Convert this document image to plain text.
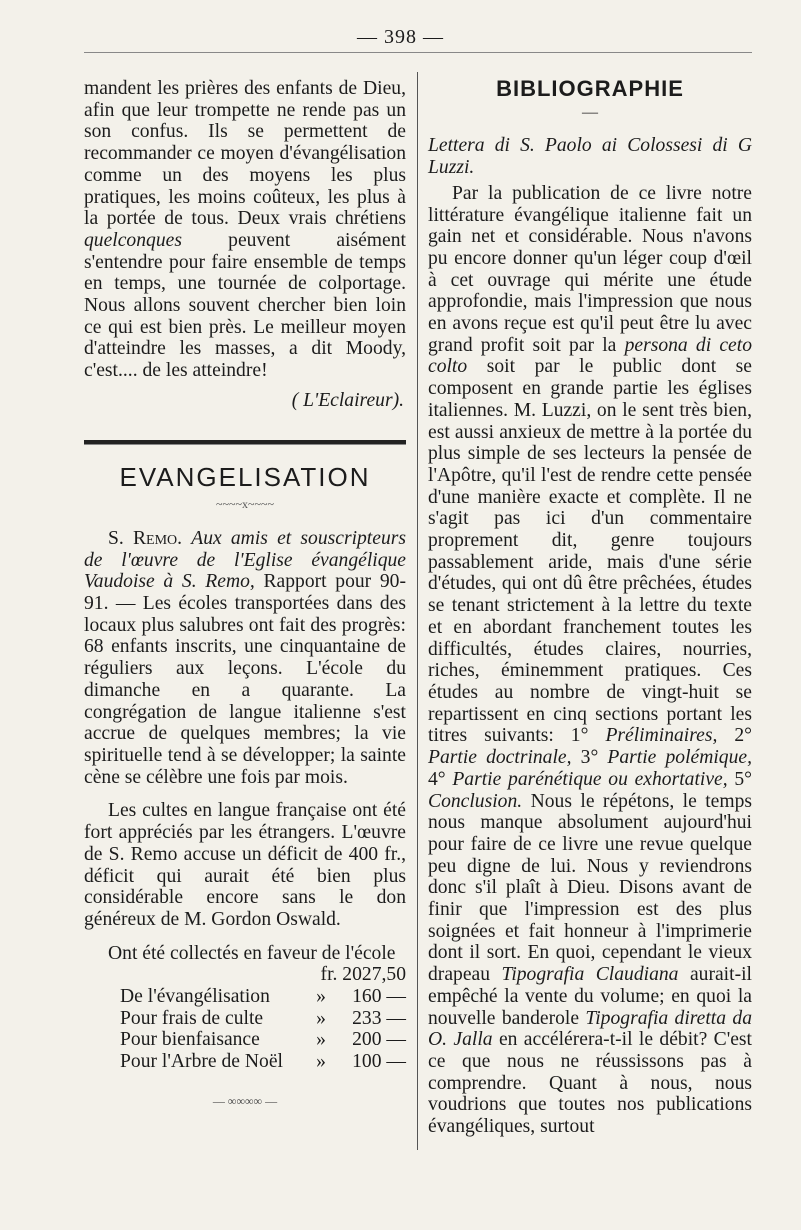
— 398 —

mandent les prières des enfants de Dieu, afin que leur trompette ne rende pas un son confus. Ils se permettent de recommander ce moyen d'évangélisation comme un des moyens les plus pratiques, les moins coûteux, les plus à la portée de tous. Deux vrais chrétiens quelconques peuvent aisément s'entendre pour faire ensemble de temps en temps, une tournée de colportage. Nous allons souvent chercher bien loin ce qui est bien près. Le meilleur moyen d'atteindre les masses, a dit Moody, c'est.... de les atteindre!

( L'Eclaireur).
EVANGELISATION
~~~~x~~~~

S. Remo. Aux amis et souscripteurs de l'œuvre de l'Eglise évangélique Vaudoise à S. Remo, Rapport pour 90-91. — Les écoles transportées dans des locaux plus salubres ont fait des progrès: 68 enfants inscrits, une cinquantaine de réguliers aux leçons. L'école du dimanche en a quarante. La congrégation de langue italienne s'est accrue de quelques membres; la vie spirituelle tend à se développer; la sainte cène se célèbre une fois par mois.

Les cultes en langue française ont été fort appréciés par les étrangers. L'œuvre de S. Remo accuse un déficit de 400 fr., déficit qui aurait été bien plus considérable encore sans le don généreux de M. Gordon Oswald.

Ont été collectés en faveur de l'école

fr. 2027,50
De l'évangélisation	»	160 —
Pour frais de culte	»	233 —
Pour bienfaisance	»	200 —
Pour l'Arbre de Noël	»	100 —
— ∞∞∞∞ —
BIBLIOGRAPHIE
—

Lettera di S. Paolo ai Colossesi di G Luzzi.

Par la publication de ce livre notre littérature évangélique italienne fait un gain net et considérable. Nous n'avons pu encore donner qu'un léger coup d'œil à cet ouvrage qui mérite une étude approfondie, mais l'impression que nous en avons reçue est qu'il peut être lu avec grand profit soit par la persona di ceto colto soit par le public dont se composent en grande partie les églises italiennes. M. Luzzi, on le sent très bien, est aussi anxieux de mettre à la portée du plus simple de ses lecteurs la pensée de l'Apôtre, qu'il l'est de rendre cette pensée d'une manière exacte et complète. Il ne s'agit pas ici d'un commentaire proprement dit, genre toujours passablement aride, mais d'une série d'études, qui ont dû être prêchées, études se tenant strictement à la lettre du texte et en abordant franchement toutes les difficultés, études claires, nourries, riches, éminemment pratiques. Ces études au nombre de vingt-huit se repartissent en cinq sections portant les titres suivants: 1° Préliminaires, 2° Partie doctrinale, 3° Partie polémique, 4° Partie parénétique ou exhortative, 5° Conclusion. Nous le répétons, le temps nous manque absolument aujourd'hui pour faire de ce livre une revue quelque peu digne de lui. Nous y reviendrons donc s'il plaît à Dieu. Disons avant de finir que l'impression est des plus soignées et fait honneur à l'imprimerie dont il sort. En quoi, cependant le vieux drapeau Tipografia Claudiana aurait-il empêché la vente du volume; en quoi la nouvelle banderole Tipografia diretta da O. Jalla en accélérera-t-il le débit? C'est ce que nous ne réussissons pas à comprendre. Quant à nous, nous voudrions que toutes nos publications évangéliques, surtout
